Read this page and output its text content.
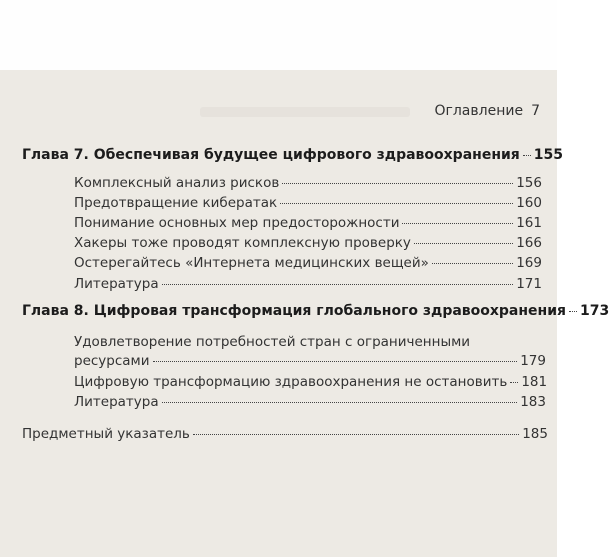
Оглавление 7
Глава 7. Обеспечивая будущее цифрового здравоохранения 155
Комплексный анализ рисков	156
Предотвращение кибератак	160
Понимание основных мер предосторожности	161
Хакеры тоже проводят комплексную проверку	166
Остерегайтесь «Интернета медицинских вещей»	169
Литература	171
Глава 8. Цифровая трансформация глобального здравоохранения 173
Удовлетворение потребностей стран с ограниченными
ресурсами	179
Цифровую трансформацию здравоохранения не остановить 181
Литература	183
Предметный указатель	185
